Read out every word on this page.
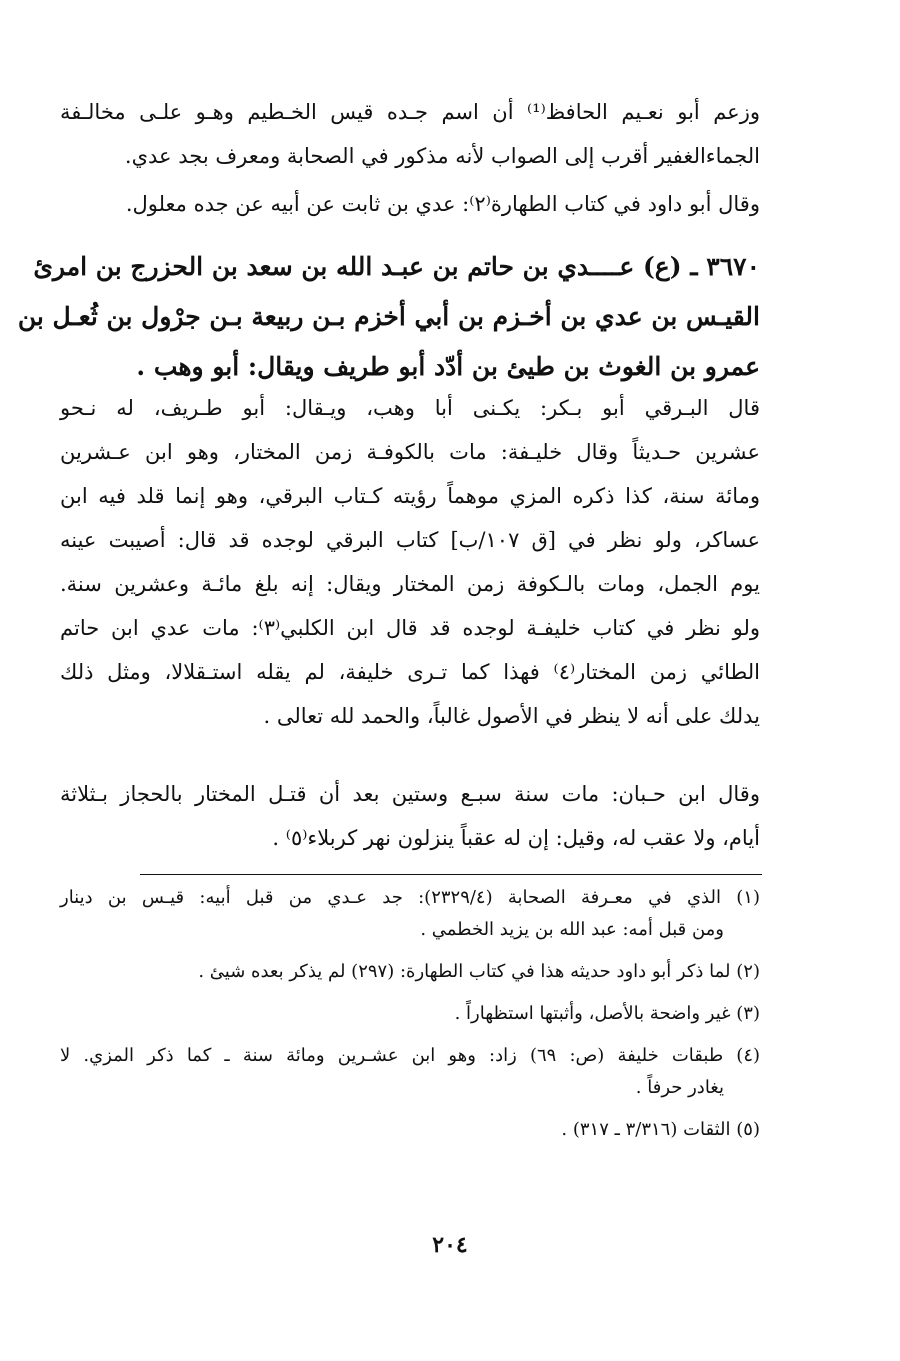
وزعم أبو نعـيم الحافظ⁽¹⁾ أن اسم جـده قيس الخـطيم وهـو علـى مخالـفة
الجماءالغفير أقرب إلى الصواب لأنه مذكور في الصحابة ومعرف بجد عدي.
وقال أبو داود في كتاب الطهارة⁽٢⁾: عدي بن ثابت عن أبيه عن جده معلول.
٣٦٧٠ ـ (ع) عــــدي بن حاتم بن عبـد الله بن سعد بن الحزرج بن امرئ
القيـس بن عدي بن أخـزم بن أبي أخزم بـن ربيعة بـن جرْول بن ثُعـل بن
عمرو بن الغوث بن طيئ بن أدّد أبو طريف ويقال: أبو وهب .
قال البـرقي أبو بـكر: يكـنى أبا وهب، ويـقال: أبو طـريف، له نـحو
عشرين حـديثاً وقال خليـفة: مات بالكوفـة زمن المختار، وهو ابن عـشرين
ومائة سنة، كذا ذكره المزي موهماً رؤيته كـتاب البرقي، وهو إنما قلد فيه ابن
عساكر، ولو نظر في [ق ١٠٧/ب] كتاب البرقي لوجده قد قال: أصيبت عينه
يوم الجمل، ومات بالـكوفة زمن المختار ويقال: إنه بلغ مائـة وعشرين سنة.
ولو نظر في كتاب خليفـة لوجده قد قال ابن الكلبي⁽٣⁾: مات عدي ابن حاتم
الطائي زمن المختار⁽٤⁾ فهذا كما تـرى خليفة، لم يقله استـقلالا، ومثل ذلك
يدلك على أنه لا ينظر في الأصول غالباً، والحمد لله تعالى .
وقال ابن حـبان: مات سنة سبـع وستين بعد أن قتـل المختار بالحجاز بـثلاثة
أيام، ولا عقب له، وقيل: إن له عقباً ينزلون نهر كربلاء⁽٥⁾ .
(١) الذي في معـرفة الصحابة (٢٣٢٩/٤): جد عـدي من قبل أبيه: قيـس بن دينار
ومن قبل أمه: عبد الله بن يزيد الخطمي .
(٢) لما ذكر أبو داود حديثه هذا في كتاب الطهارة: (٢٩٧) لم يذكر بعده شيئ .
(٣) غير واضحة بالأصل، وأثبتها استظهاراً .
(٤) طبقات خليفة (ص: ٦٩) زاد: وهو ابن عشـرين ومائة سنة ـ كما ذكر المزي. لا
يغادر حرفاً .
(٥) الثقات (٣/٣١٦ ـ ٣١٧) .
٢٠٤
